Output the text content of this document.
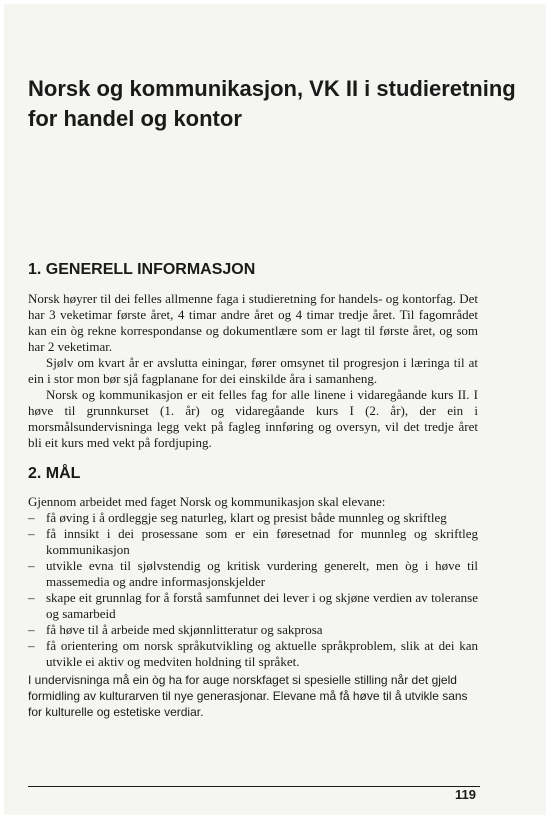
Norsk og kommunikasjon, VK II i studieretning for handel og kontor
1. GENERELL INFORMASJON

Norsk høyrer til dei felles allmenne faga i studieretning for handels- og kontorfag. Det har 3 veketimar første året, 4 timar andre året og 4 timar tredje året. Til fagområdet kan ein òg rekne korrespondanse og dokumentlære som er lagt til første året, og som har 2 veketimar.

Sjølv om kvart år er avslutta einingar, fører omsynet til progresjon i læringa til at ein i stor mon bør sjå fagplanane for dei einskilde åra i samanheng.

Norsk og kommunikasjon er eit felles fag for alle linene i vidaregåande kurs II. I høve til grunnkurset (1. år) og vidaregåande kurs I (2. år), der ein i morsmålsundervisninga legg vekt på fagleg innføring og oversyn, vil det tredje året bli eit kurs med vekt på fordjuping.

2. MÅL

Gjennom arbeidet med faget Norsk og kommunikasjon skal elevane:

– få øving i å ordleggje seg naturleg, klart og presist både munnleg og skriftleg
– få innsikt i dei prosessane som er ein føresetnad for munnleg og skriftleg kommunikasjon
– utvikle evna til sjølvstendig og kritisk vurdering generelt, men òg i høve til massemedia og andre informasjonskjelder
– skape eit grunnlag for å forstå samfunnet dei lever i og skjøne verdien av toleranse og samarbeid
– få høve til å arbeide med skjønnlitteratur og sakprosa
– få orientering om norsk språkutvikling og aktuelle språkproblem, slik at dei kan utvikle ei aktiv og medviten holdning til språket.

I undervisninga må ein òg ha for auge norskfaget si spesielle stilling når det gjeld formidling av kulturarven til nye generasjonar. Elevane må få høve til å utvikle sans for kulturelle og estetiske verdiar.

119
